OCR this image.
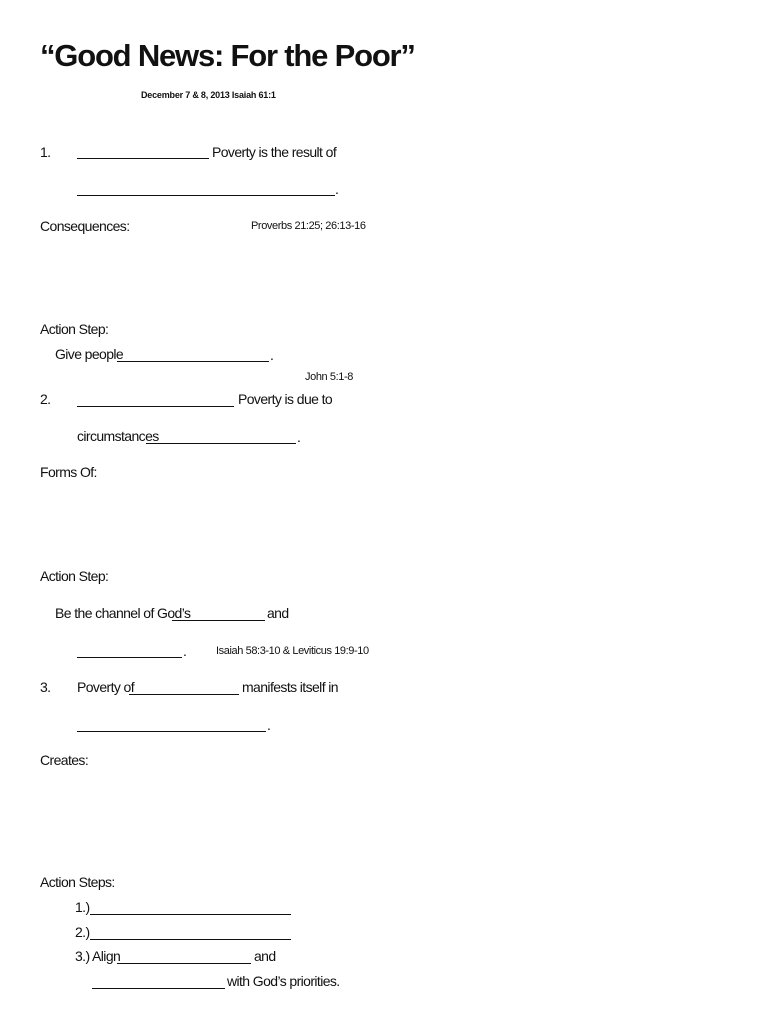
“Good News: For the Poor”
December 7 & 8, 2013 Isaiah 61:1
1.	Poverty is the result of
.
Consequences:	Proverbs 21:25; 26:13-16
Action Step:
Give people	.
John 5:1-8
2.	Poverty is due to
circumstances	.
Forms Of:
Action Step:
Be the channel of God’s	and
.	Isaiah 58:3-10 & Leviticus 19:9-10
3. Poverty of	manifests itself in
.
Creates:
Action Steps:
1.)
2.)
3.) Align	and
with God’s priorities.
